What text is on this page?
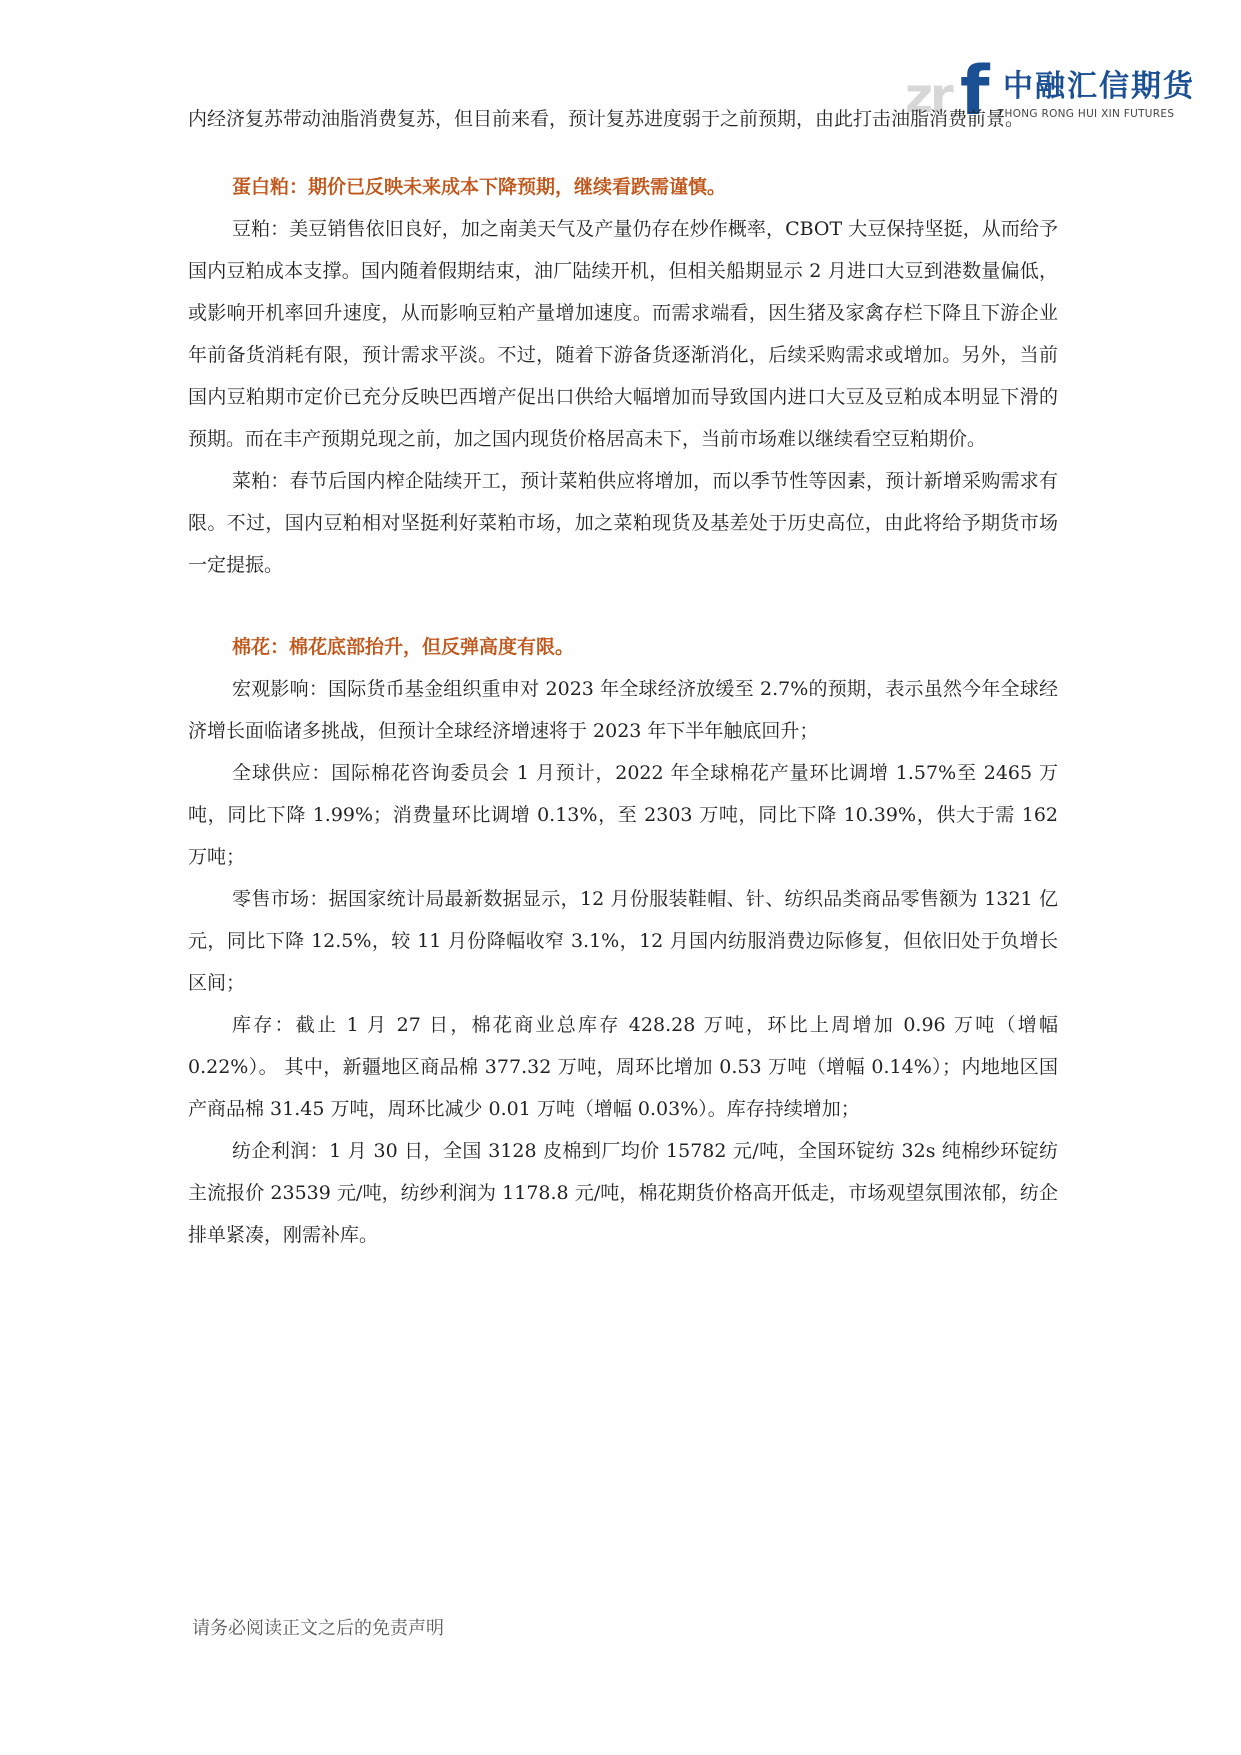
zr f 中融汇信期货
ZHONG RONG HUI XIN FUTURES

内经济复苏带动油脂消费复苏，但目前来看，预计复苏进度弱于之前预期，由此打击油脂消费前景。

蛋白粕：期价已反映未来成本下降预期，继续看跌需谨慎。

豆粕：美豆销售依旧良好，加之南美天气及产量仍存在炒作概率，CBOT 大豆保持坚挺，从而给予国内豆粕成本支撑。国内随着假期结束，油厂陆续开机，但相关船期显示 2 月进口大豆到港数量偏低，或影响开机率回升速度，从而影响豆粕产量增加速度。而需求端看，因生猪及家禽存栏下降且下游企业年前备货消耗有限，预计需求平淡。不过，随着下游备货逐渐消化，后续采购需求或增加。另外，当前国内豆粕期市定价已充分反映巴西增产促出口供给大幅增加而导致国内进口大豆及豆粕成本明显下滑的预期。而在丰产预期兑现之前，加之国内现货价格居高未下，当前市场难以继续看空豆粕期价。

菜粕：春节后国内榨企陆续开工，预计菜粕供应将增加，而以季节性等因素，预计新增采购需求有限。不过，国内豆粕相对坚挺利好菜粕市场，加之菜粕现货及基差处于历史高位，由此将给予期货市场一定提振。

棉花：棉花底部抬升，但反弹高度有限。

宏观影响：国际货币基金组织重申对 2023 年全球经济放缓至 2.7%的预期，表示虽然今年全球经济增长面临诸多挑战，但预计全球经济增速将于 2023 年下半年触底回升；

全球供应：国际棉花咨询委员会 1 月预计，2022 年全球棉花产量环比调增 1.57%至 2465 万吨，同比下降 1.99%；消费量环比调增 0.13%，至 2303 万吨，同比下降 10.39%，供大于需 162 万吨；

零售市场：据国家统计局最新数据显示，12 月份服装鞋帽、针、纺织品类商品零售额为 1321 亿元，同比下降 12.5%，较 11 月份降幅收窄 3.1%，12 月国内纺服消费边际修复，但依旧处于负增长区间；

库存：截止 1 月 27 日，棉花商业总库存 428.28 万吨，环比上周增加 0.96 万吨（增幅 0.22%）。 其中，新疆地区商品棉 377.32 万吨，周环比增加 0.53 万吨（增幅 0.14%）；内地地区国产商品棉 31.45 万吨，周环比减少 0.01 万吨（增幅 0.03%）。库存持续增加；

纺企利润：1 月 30 日，全国 3128 皮棉到厂均价 15782 元/吨，全国环锭纺 32s 纯棉纱环锭纺主流报价 23539 元/吨，纺纱利润为 1178.8 元/吨，棉花期货价格高开低走，市场观望氛围浓郁，纺企排单紧凑，刚需补库。

请务必阅读正文之后的免责声明
